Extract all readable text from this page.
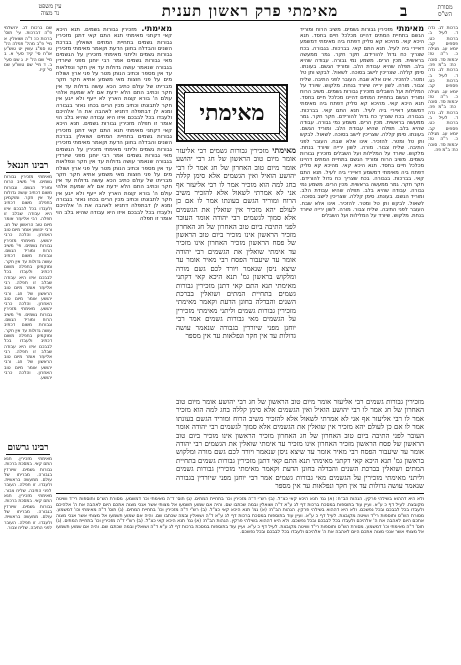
עין משפט
נר מצוה	מאימתי פרק ראשון תענית	ב	מסורת
הש"ס
ברכות לג. נדה ד. לעיל ב. ברכות כט. פסחים קב. יומא עג. מגילה כ. ר"ה טז: יבמות סד. סוכה כח: ב"מ פה. ברכות לג. נדה ד. לעיל ב. ברכות כט. פסחים קב. יומא עג. מגילה כ. ר"ה טז: יבמות סד. סוכה כח: ב"מ פה. ברכות לג. נדה ד. לעיל ב. ברכות כט. פסחים קב. יומא עג. מגילה כ. ר"ה טז: יבמות סד. סוכה כח: ב"מ פה.
מאימתי מזכירין גבורות גשמים. משיב הרוח ומוריד הגשם בתחיית המתים דהיינו מכלכל חיים בחסד. תנא היכא קאי. מהיכא קא סליק דפתח ביה מאימתי דמשמע דאיירי ביה לעיל. תנא התם קאי. בברכות. בגבורה. בכח שצריך כח גדול להורידם. חקר חקר. גמר ממעשה בראשית. מכין הרים. משמע נמי גבורה. עבודה שהיא בלב. תפלה שהיא עבודת הלב. ומוריד הגשם. בעונתו. סימן קללה. שצריכין לישב בסוכה. לשאול. לבקש ותן טל ומטר. להזכיר. אינו אלא שבח. העובר לפני התיבה. שליח צבור. מורה. לשון ירייה שיורד בנחת. מלקוש. שיורד על המלילות ועל השבלים מזכירין גבורות גשמים. משיב הרוח ומוריד הגשם בתחיית המתים דהיינו מכלכל חיים בחסד. תנא היכא קאי. מהיכא קא סליק דפתח ביה מאימתי דמשמע דאיירי ביה לעיל. תנא התם קאי. בברכות. בגבורה. בכח שצריך כח גדול להורידם. חקר חקר. גמר ממעשה בראשית. מכין הרים. משמע נמי גבורה. עבודה שהיא בלב. תפלה שהיא עבודת הלב. ומוריד הגשם. בעונתו. סימן קללה. שצריכין לישב בסוכה. לשאול. לבקש ותן טל ומטר. להזכיר. אינו אלא שבח. העובר לפני התיבה. שליח צבור. מורה. לשון ירייה שיורד בנחת. מלקוש. שיורד על המלילות ועל השבלים מזכירין גבורות גשמים. משיב הרוח ומוריד הגשם בתחיית המתים דהיינו מכלכל חיים בחסד. תנא היכא קאי. מהיכא קא סליק דפתח ביה מאימתי דמשמע דאיירי ביה לעיל. תנא התם קאי. בברכות. בגבורה. בכח שצריך כח גדול להורידם. חקר חקר. גמר ממעשה בראשית. מכין הרים. משמע נמי גבורה. עבודה שהיא בלב. תפלה שהיא עבודת הלב. ומוריד הגשם. בעונתו. סימן קללה. שצריכין לישב בסוכה. לשאול. לבקש ותן טל ומטר. להזכיר. אינו אלא שבח. העובר לפני התיבה. שליח צבור. מורה. לשון ירייה שיורד בנחת. מלקוש. שיורד על המלילות ועל השבלים
מאימתי. מזכירין גבורות גשמים. תנא היכא קאי דקתני מאימתי תנא התם קאי דתנן מזכירין גבורות גשמים בתחיית המתים ושואלין בברכת השנים והבדלה בחונן הדעת וקאמר מאימתי מזכירין גבורות גשמים וליתני מאימתי מזכירין על הגשמים מאי גבורות גשמים אמר רבי יוחנן מפני שיורדין בגבורה שנאמר עושה גדולות עד אין חקר ונפלאות עד אין מספר וכתיב הנותן מטר על פני ארץ ושולח מים על פני חוצות מאי משמע אתיא חקר חקר מבריתו של עולם כתיב הכא עושה גדולות עד אין חקר וכתיב התם הלא ידעת אם לא שמעת אלהי עולם ה' בורא קצות הארץ לא ייעף ולא ייגע אין חקר לתבונתו וכתיב מכין הרים בכחו נאזר בגבורה ומנא לן דבתפלה דתניא לאהבה את ה' אלהיכם ולעבדו בכל לבבכם איזו היא עבודה שהיא בלב הוי אומר זו תפלה מזכירין גבורות גשמים. תנא היכא קאי דקתני מאימתי תנא התם קאי דתנן מזכירין גבורות גשמים בתחיית המתים ושואלין בברכת השנים והבדלה בחונן הדעת וקאמר מאימתי מזכירין גבורות גשמים וליתני מאימתי מזכירין על הגשמים מאי גבורות גשמים אמר רבי יוחנן מפני שיורדין בגבורה שנאמר עושה גדולות עד אין חקר ונפלאות עד אין מספר וכתיב הנותן מטר על פני ארץ ושולח מים על פני חוצות מאי משמע אתיא חקר חקר מבריתו של עולם כתיב הכא עושה גדולות עד אין חקר וכתיב התם הלא ידעת אם לא שמעת אלהי עולם ה' בורא קצות הארץ לא ייעף ולא ייגע אין חקר לתבונתו וכתיב מכין הרים בכחו נאזר בגבורה ומנא לן דבתפלה דתניא לאהבה את ה' אלהיכם ולעבדו בכל לבבכם איזו היא עבודה שהיא בלב הוי אומר זו תפלה
שם ברכות לג. ירושלמי פ"ה דברכות. עי' תוס' ברכות כו: ד"ה ושואלין. א מיי' פ"ב מהל' תפלה הל' טו סמ"ג עשין יט טוש"ע או"ח סי' קיד סעי' א. ב מיי' שם הל' יז. ג שם סעי' ב. ד מיי' שם טוש"ע שם סי' קיז.
רבינו חננאל
מאימתי מזכירין גבורות גשמים. פי' משיב הרוח ומוריד הגשם. וגבורות משום דכתיב עושה גדולות עד אין חקר. ומוקמינן בתפלה משום דכתיב ולעבדו בכל לבבכם איזו היא עבודה שבלב זו תפלה. רבי אליעזר אומר מיום טוב הראשון של חג. ורבי יהושע אומר מיום טוב האחרון. והלכה כרבי יהושע. מאימתי מזכירין גבורות גשמים. פי' משיב הרוח ומוריד הגשם. וגבורות משום דכתיב עושה גדולות עד אין חקר. ומוקמינן בתפלה משום דכתיב ולעבדו בכל לבבכם איזו היא עבודה שבלב זו תפלה. רבי אליעזר אומר מיום טוב הראשון של חג. ורבי יהושע אומר מיום טוב האחרון. והלכה כרבי יהושע. מאימתי מזכירין גבורות גשמים. פי' משיב הרוח ומוריד הגשם. וגבורות משום דכתיב עושה גדולות עד אין חקר. ומוקמינן בתפלה משום דכתיב ולעבדו בכל לבבכם איזו היא עבודה שבלב זו תפלה. רבי אליעזר אומר מיום טוב הראשון של חג. ורבי יהושע אומר מיום טוב האחרון. והלכה כרבי יהושע.
רבינו גרשום
מאימתי מזכירין. תנא התם קאי. במסכת ברכות. גבורות גשמים. שיורדין בגבורה. מבריתו של עולם. ממעשה בראשית. ולעבדו. זו תפלה. העובר לפני התיבה. שליח צבור. מאימתי מזכירין. תנא התם קאי. במסכת ברכות. גבורות גשמים. שיורדין בגבורה. מבריתו של עולם. ממעשה בראשית. ולעבדו. זו תפלה. העובר לפני התיבה. שליח צבור.
מאימתי
מאימתי מזכירין גבורות גשמים רבי אליעזר אומר מיום טוב הראשון של חג רבי יהושע אומר מיום טוב האחרון של חג אמר לו רבי יהושע הואיל ואין הגשמים אלא סימן קללה בחג למה הוא מזכיר אמר לו רבי אליעזר אף אני לא אמרתי לשאול אלא להזכיר משיב הרוח ומוריד הגשם בעונתו אמר לו אם כן לעולם יהא מזכיר אין שואלין את הגשמים אלא סמוך לגשמים רבי יהודה אומר העובר לפני התיבה ביום טוב האחרון של חג האחרון מזכיר הראשון אינו מזכיר ביום טוב הראשון של פסח הראשון מזכיר האחרון אינו מזכיר עד אימתי שואלין את הגשמים רבי יהודה אומר עד שיעבור הפסח רבי מאיר אומר עד שיצא ניסן שנאמר ויורד לכם גשם מורה ומלקוש בראשון גמ' תנא היכא קאי דקתני מאימתי תנא התם קאי דתנן מזכירין גבורות גשמים בתחיית המתים ושואלין בברכת השנים והבדלה בחונן הדעת וקאמר מאימתי מזכירין גבורות גשמים וליתני מאימתי מזכירין על הגשמים מאי גבורות גשמים אמר רבי יוחנן מפני שיורדין בגבורה שנאמר עושה גדולות עד אין חקר ונפלאות עד אין מספר
מזכירין גבורות גשמים רבי אליעזר אומר מיום טוב הראשון של חג רבי יהושע אומר מיום טוב האחרון של חג אמר לו רבי יהושע הואיל ואין הגשמים אלא סימן קללה בחג למה הוא מזכיר אמר לו רבי אליעזר אף אני לא אמרתי לשאול אלא להזכיר משיב הרוח ומוריד הגשם בעונתו אמר לו אם כן לעולם יהא מזכיר אין שואלין את הגשמים אלא סמוך לגשמים רבי יהודה אומר העובר לפני התיבה ביום טוב האחרון של חג האחרון מזכיר הראשון אינו מזכיר ביום טוב הראשון של פסח הראשון מזכיר האחרון אינו מזכיר עד אימתי שואלין את הגשמים רבי יהודה אומר עד שיעבור הפסח רבי מאיר אומר עד שיצא ניסן שנאמר ויורד לכם גשם מורה ומלקוש בראשון גמ' תנא היכא קאי דקתני מאימתי תנא התם קאי דתנן מזכירין גבורות גשמים בתחיית המתים ושואלין בברכת השנים והבדלה בחונן הדעת וקאמר מאימתי מזכירין גבורות גשמים וליתני מאימתי מזכירין על הגשמים מאי גבורות גשמים אמר רבי יוחנן מפני שיורדין בגבורה שנאמר עושה גדולות עד אין חקר ונפלאות עד אין מספר
ולא היא דההוא בשילהי פרקין. הגהות הב"ח: (א) גמ' תנא היכא קאי כצ"ל. (ב) רש"י ד"ה מזכירין וכו' בתחיית המתים. (ג) תוס' ד"ה מאימתי וכו' דמשמע. מסורת הש"ס ותוספות רי"ד ושיטה מקובצת. לעיל דף כ ע"א. ועיין עוד בתוספות במסכת ברכות דף לג ע"א ד"ה ושואלין ובמה שכתבו שם. והיה אם שמוע תשמעו אל מצותי אשר אנכי מצוה אתכם היום לאהבה את ה' אלהיכם ולעבדו בכל לבבכם ובכל נפשכם. ולא היא דההוא בשילהי פרקין. הגהות הב"ח: (א) גמ' תנא היכא קאי כצ"ל. (ב) רש"י ד"ה מזכירין וכו' בתחיית המתים. (ג) תוס' ד"ה מאימתי וכו' דמשמע. מסורת הש"ס ותוספות רי"ד ושיטה מקובצת. לעיל דף כ ע"א. ועיין עוד בתוספות במסכת ברכות דף לג ע"א ד"ה ושואלין ובמה שכתבו שם. והיה אם שמוע תשמעו אל מצותי אשר אנכי מצוה אתכם היום לאהבה את ה' אלהיכם ולעבדו בכל לבבכם ובכל נפשכם. ולא היא דההוא בשילהי פרקין. הגהות הב"ח: (א) גמ' תנא היכא קאי כצ"ל. (ב) רש"י ד"ה מזכירין וכו' בתחיית המתים. (ג) תוס' ד"ה מאימתי וכו' דמשמע. מסורת הש"ס ותוספות רי"ד ושיטה מקובצת. לעיל דף כ ע"א. ועיין עוד בתוספות במסכת ברכות דף לג ע"א ד"ה ושואלין ובמה שכתבו שם. והיה אם שמוע תשמעו אל מצותי אשר אנכי מצוה אתכם היום לאהבה את ה' אלהיכם ולעבדו בכל לבבכם ובכל נפשכם.
